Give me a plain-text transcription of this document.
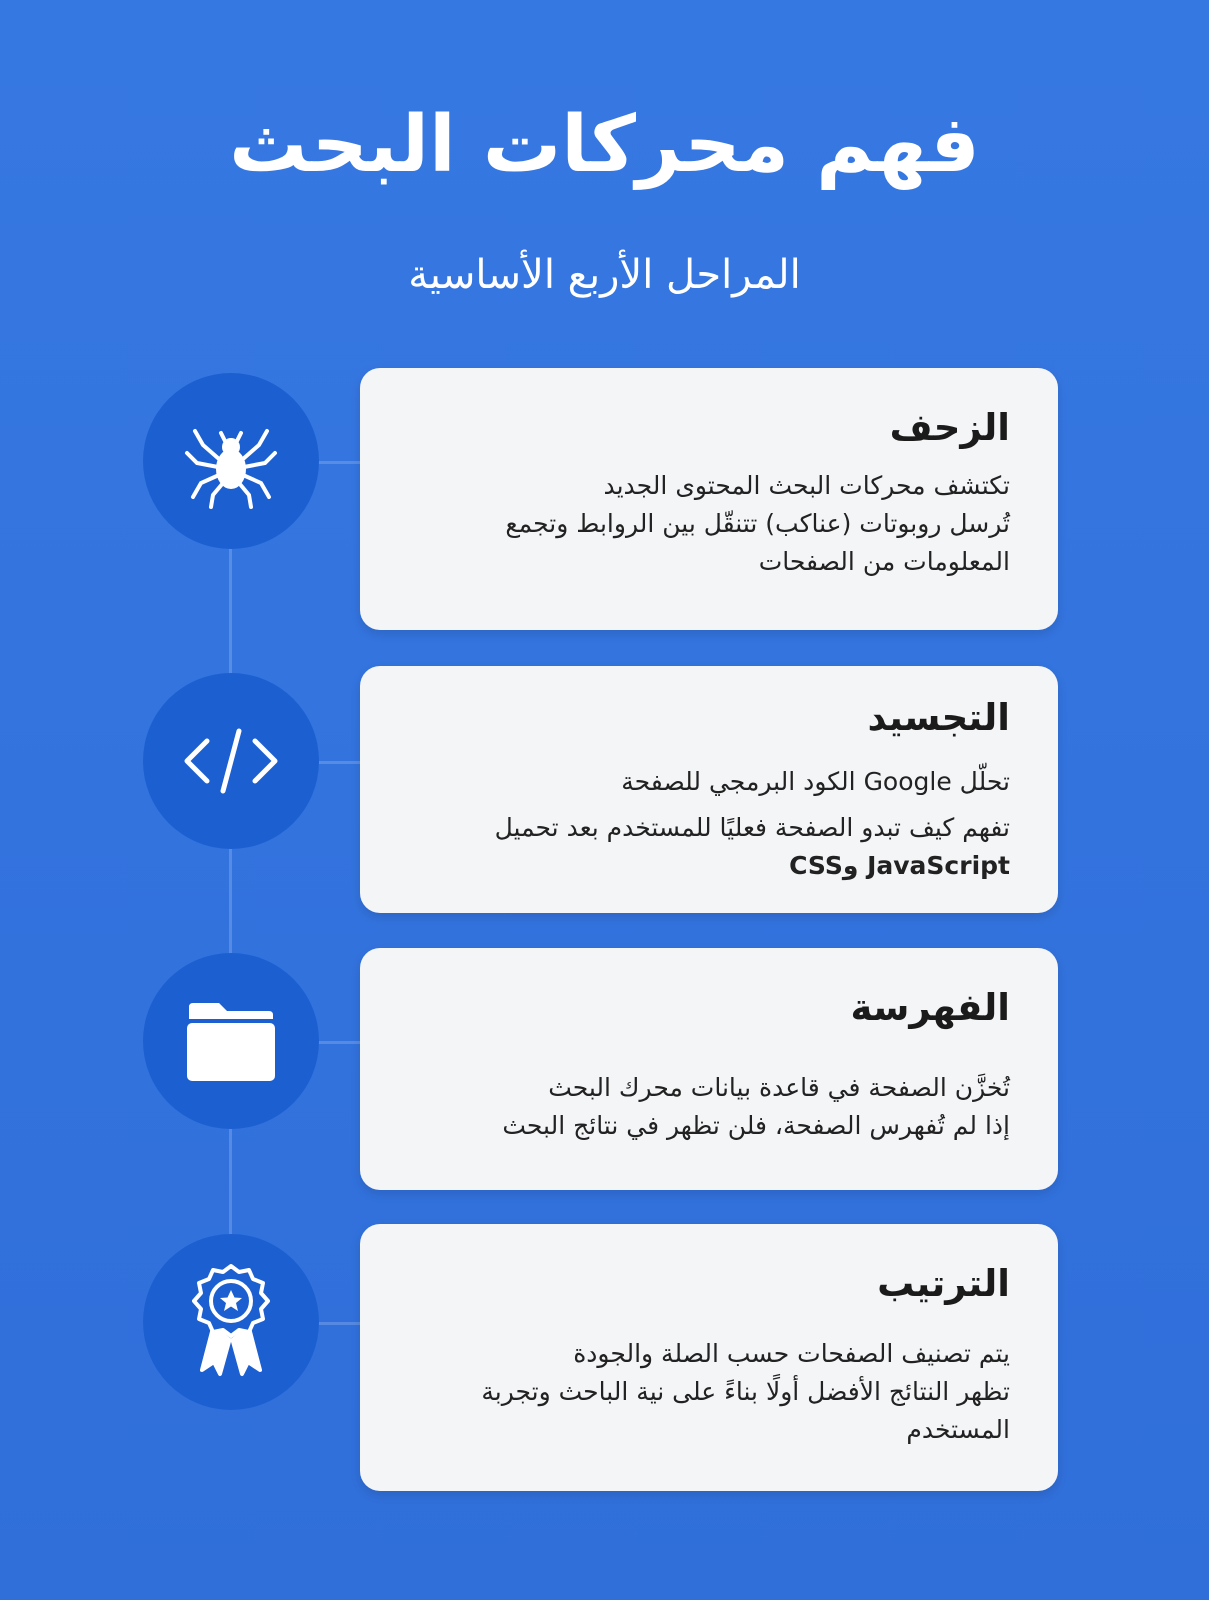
فهم محركات البحث
المراحل الأربع الأساسية
الزحف
تكتشف محركات البحث المحتوى الجديد
تُرسل روبوتات (عناكب) تتنقّل بين الروابط وتجمع
المعلومات من الصفحات
التجسيد
تحلّل Google الكود البرمجي للصفحة
تفهم كيف تبدو الصفحة فعليًا للمستخدم بعد تحميل
CSSو JavaScript
الفهرسة
تُخزَّن الصفحة في قاعدة بيانات محرك البحث
إذا لم تُفهرس الصفحة، فلن تظهر في نتائج البحث
الترتيب
يتم تصنيف الصفحات حسب الصلة والجودة
تظهر النتائج الأفضل أولًا بناءً على نية الباحث وتجربة
المستخدم
